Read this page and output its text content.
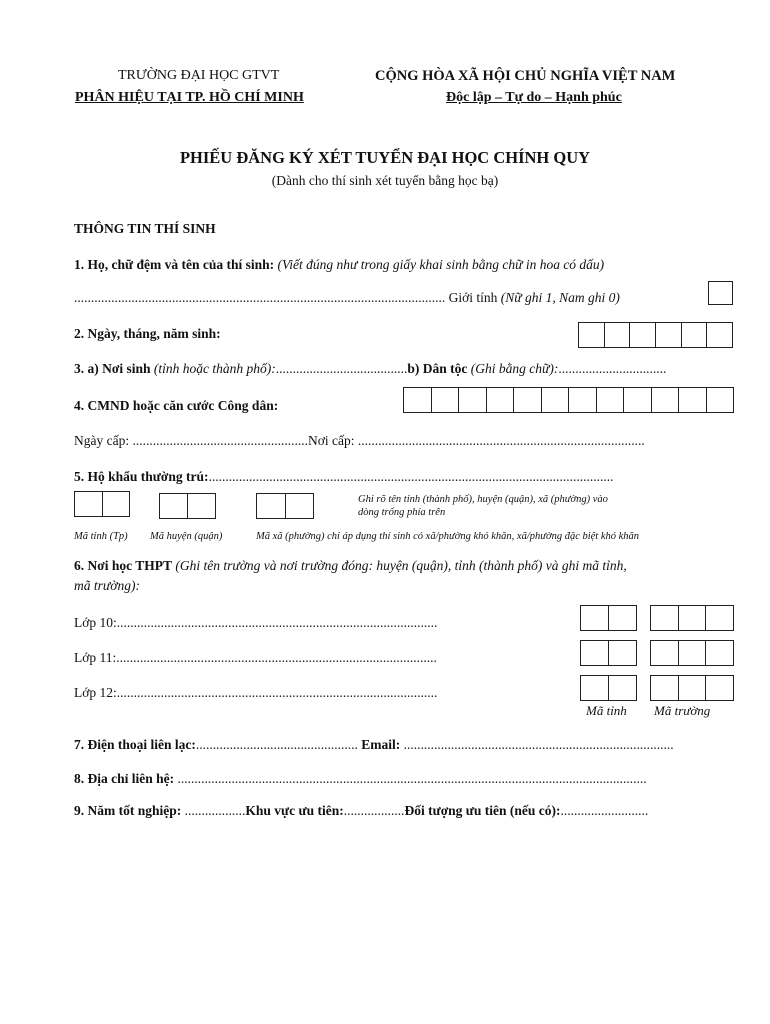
TRƯỜNG ĐẠI HỌC GTVT
PHÂN HIỆU TẠI TP. HỒ CHÍ MINH
CỘNG HÒA XÃ HỘI CHỦ NGHĨA VIỆT NAM
Độc lập – Tự do – Hạnh phúc
PHIẾU ĐĂNG KÝ XÉT TUYỂN ĐẠI HỌC CHÍNH QUY
(Dành cho thí sinh xét tuyển bằng học bạ)
THÔNG TIN THÍ SINH
1. Họ, chữ đệm và tên của thí sinh: (Viết đúng như trong giấy khai sinh bằng chữ in hoa có dấu)
.............................................................................................................. Giới tính (Nữ ghi 1, Nam ghi 0)
2. Ngày, tháng, năm sinh:
3. a) Nơi sinh (tỉnh hoặc thành phố):.......................................b) Dân tộc (Ghi bằng chữ):................................
4. CMND hoặc căn cước Công dân:
Ngày cấp: ....................................................Nơi cấp: .....................................................................................
5. Hộ khẩu thường trú:........................................................................................................................
Ghi rõ tên tỉnh (thành phố), huyện (quận), xã (phường) vào
dòng trống phía trên
Mã tỉnh (Tp) Mã huyện (quận)	Mã xã (phường) chỉ áp dụng thí sinh có xã/phường khó khăn, xã/phường đặc biệt khó khăn
6. Nơi học THPT (Ghi tên trường và nơi trường đóng: huyện (quận), tỉnh (thành phố) và ghi mã tỉnh,
mã trường):
Lớp 10:...............................................................................................
Lớp 11:...............................................................................................
Lớp 12:...............................................................................................
Mã tỉnh Mã trường
7. Điện thoại liên lạc:................................................ Email: ................................................................................
8. Địa chỉ liên hệ: ...........................................................................................................................................
9. Năm tốt nghiệp: ..................Khu vực ưu tiên:..................Đối tượng ưu tiên (nếu có):..........................
